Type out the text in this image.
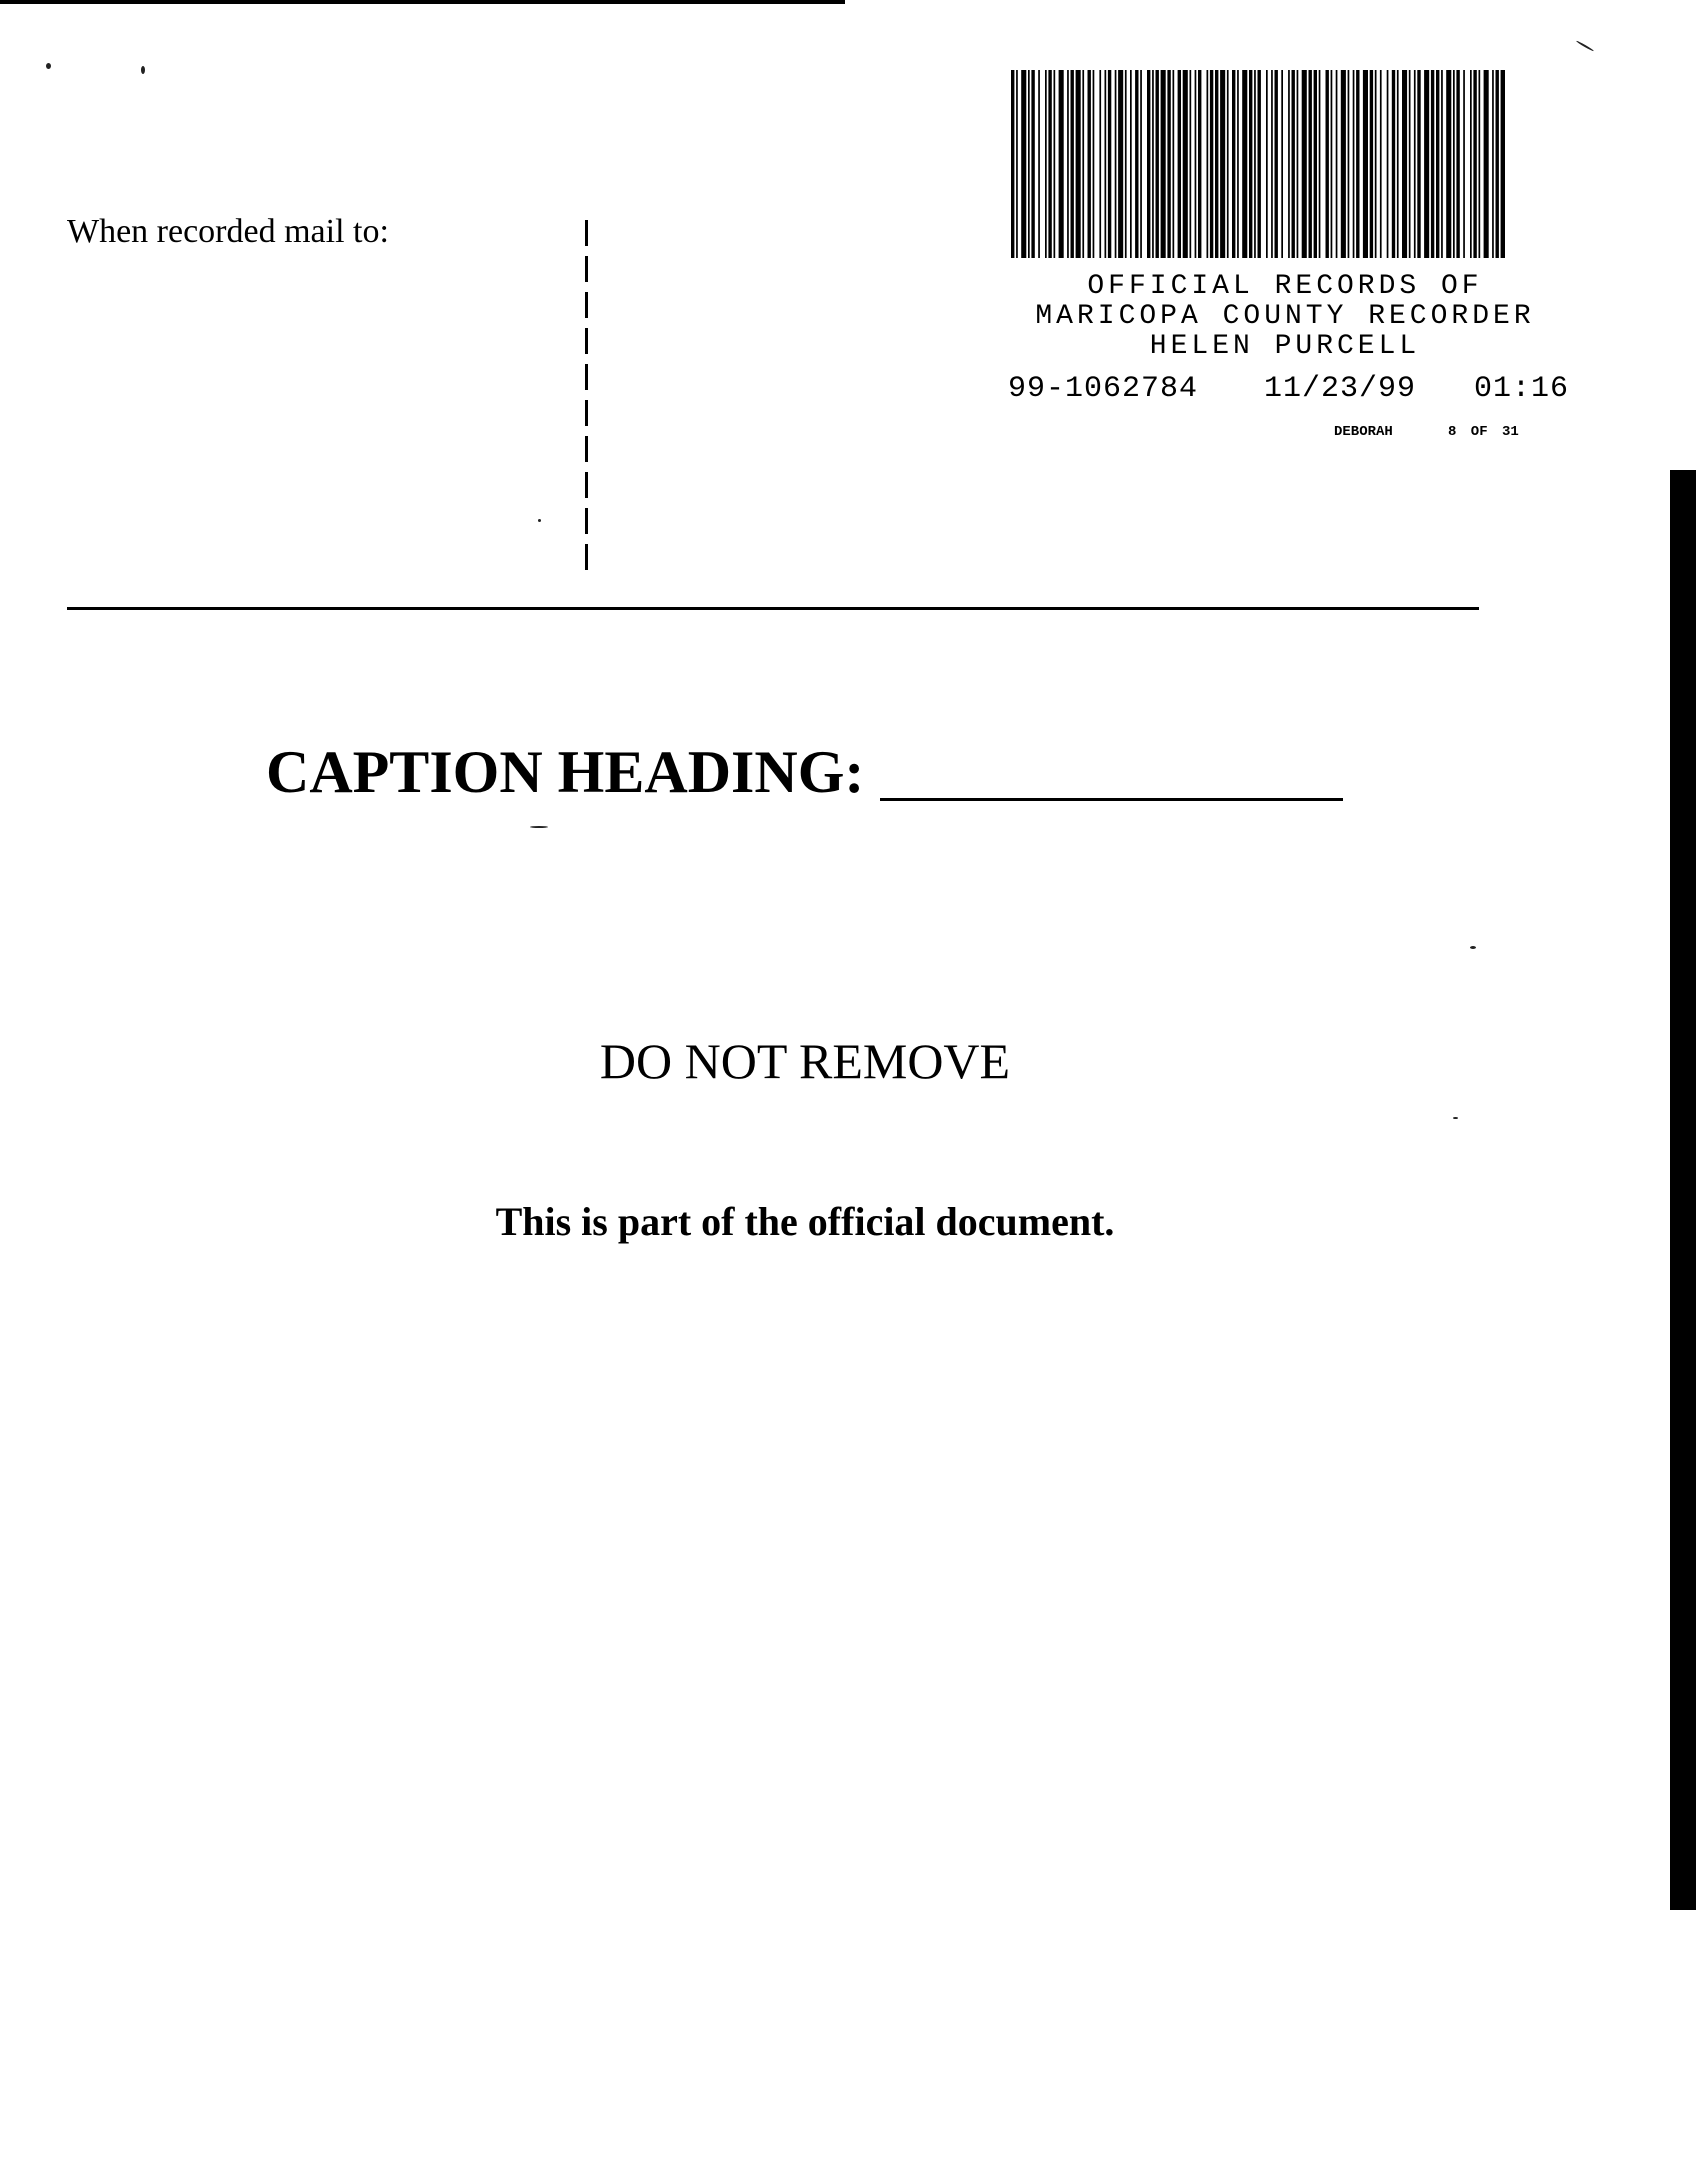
When recorded mail to:
OFFICIAL RECORDS OF
MARICOPA COUNTY RECORDER
HELEN PURCELL
99-1062784 11/23/99 01:16
DEBORAH	8 OF 31
CAPTION HEADING:
DO NOT REMOVE
This is part of the official document.
